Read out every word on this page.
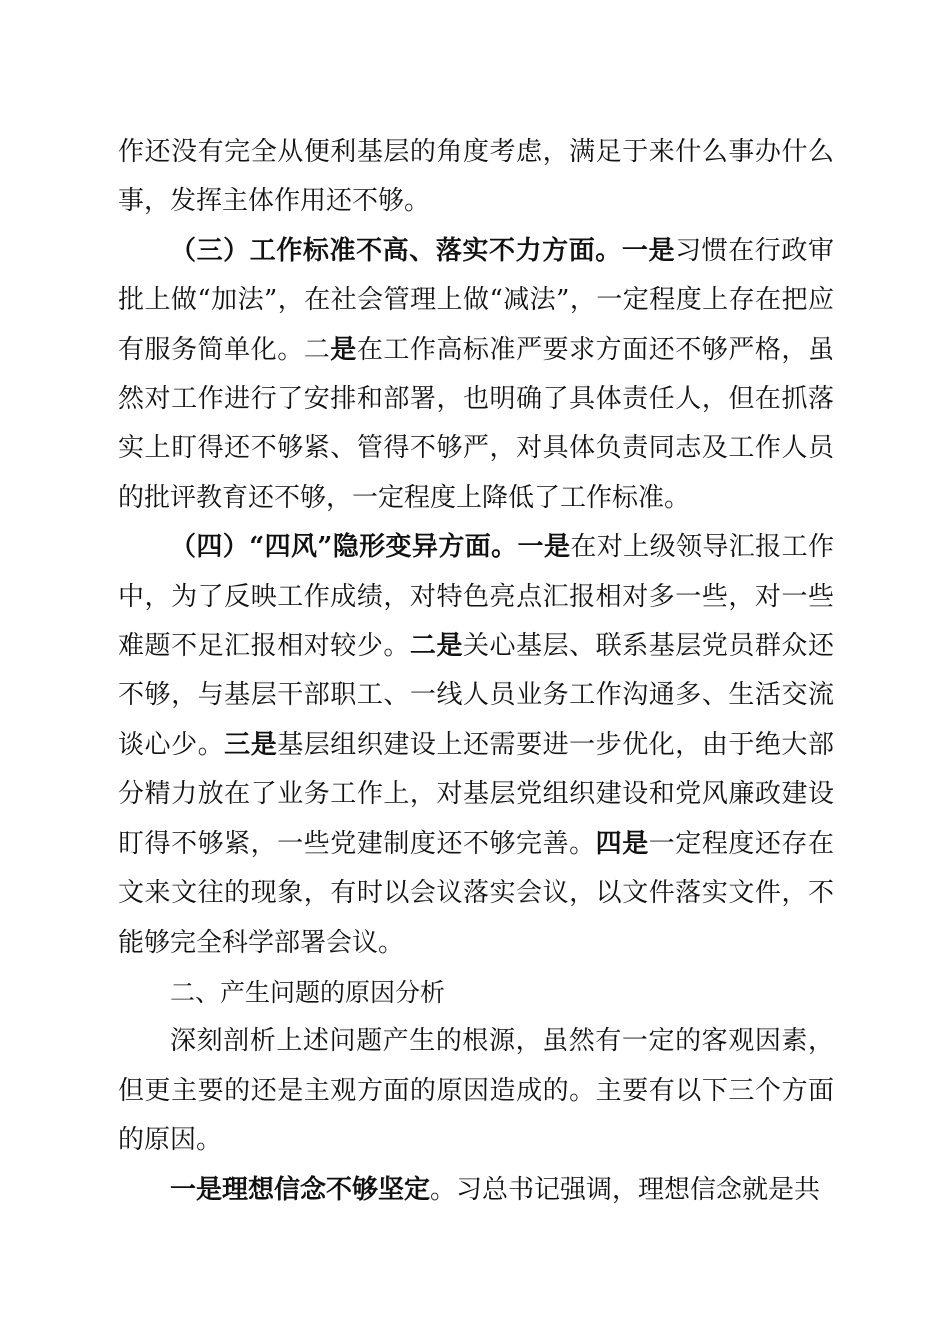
作还没有完全从便利基层的角度考虑，满足于来什么事办什么事，发挥主体作用还不够。

（三）工作标准不高、落实不力方面。一是习惯在行政审批上做“加法”，在社会管理上做“减法”，一定程度上存在把应有服务简单化。二是在工作高标准严要求方面还不够严格，虽然对工作进行了安排和部署，也明确了具体责任人，但在抓落实上盯得还不够紧、管得不够严，对具体负责同志及工作人员的批评教育还不够，一定程度上降低了工作标准。

（四）“四风”隐形变异方面。一是在对上级领导汇报工作中，为了反映工作成绩，对特色亮点汇报相对多一些，对一些难题不足汇报相对较少。二是关心基层、联系基层党员群众还不够，与基层干部职工、一线人员业务工作沟通多、生活交流谈心少。三是基层组织建设上还需要进一步优化，由于绝大部分精力放在了业务工作上，对基层党组织建设和党风廉政建设盯得不够紧，一些党建制度还不够完善。四是一定程度还存在文来文往的现象，有时以会议落实会议，以文件落实文件，不能够完全科学部署会议。

二、产生问题的原因分析

深刻剖析上述问题产生的根源，虽然有一定的客观因素，但更主要的还是主观方面的原因造成的。主要有以下三个方面的原因。

一是理想信念不够坚定。习总书记强调，理想信念就是共
